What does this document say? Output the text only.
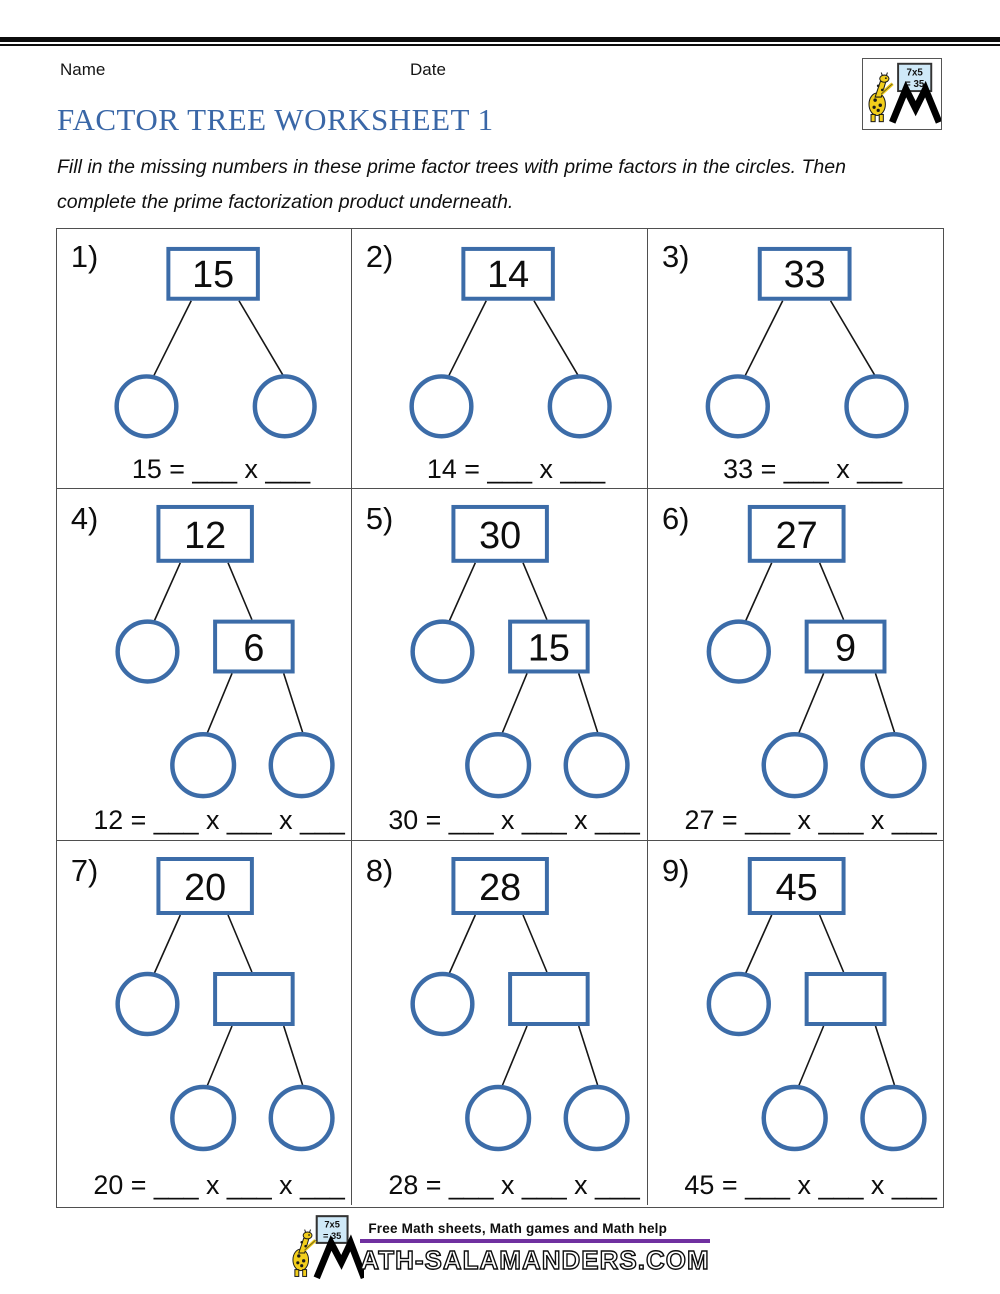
Name	Date	7x5
= 35
FACTOR TREE WORKSHEET 1
Fill in the missing numbers in these prime factor trees with prime factors in the circles. Then
complete the prime factorization product underneath.
1) 15
15 = ___ x ___
2) 14
14 = ___ x ___
3) 33
33 = ___ x ___
4) 12
6
12 = ___ x ___ x ___
5) 30
15
30 = ___ x ___ x ___
6) 27
9
27 = ___ x ___ x ___
7) 20
20 = ___ x ___ x ___
8) 28
28 = ___ x ___ x ___
9) 45
45 = ___ x ___ x ___
7x5
= 35	Free Math sheets, Math games and Math help
ATH-SALAMANDERS.COM
